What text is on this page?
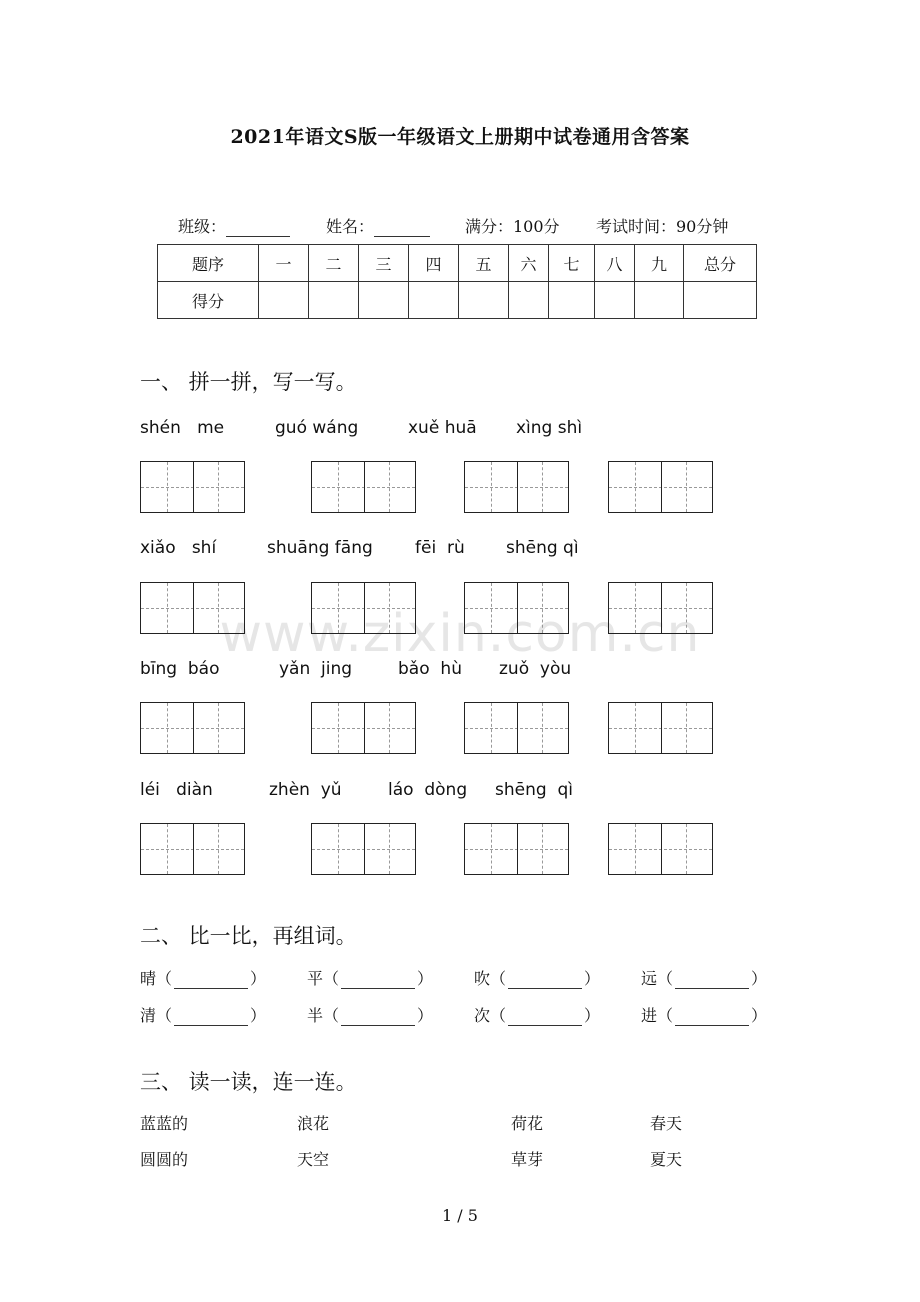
www.zixin.com.cn
2021年语文S版一年级语文上册期中试卷通用含答案
班级：	姓名：	满分：100分 考试时间：90分钟
题序	一	二	三	四	五	六	七	八	九	总分
得分										
一、 拼一拼，写一写。
shén   me	guó wáng	xuě huā xìng shì
xiǎo   shí	shuāng fāng fēi  rù shēng qì
bīng  báo	yǎn  jing	bǎo  hù zuǒ  yòu
léi   diàn	zhèn  yǔ	láo  dòng shēng  qì
二、 比一比，再组词。
晴（	）	平（	）	吹（	）	远（	）
清（	）	半（	）	次（	）	进（	）
三、 读一读，连一连。
蓝蓝的	浪花	荷花	春天
圆圆的	天空	草芽	夏天
1 / 5
